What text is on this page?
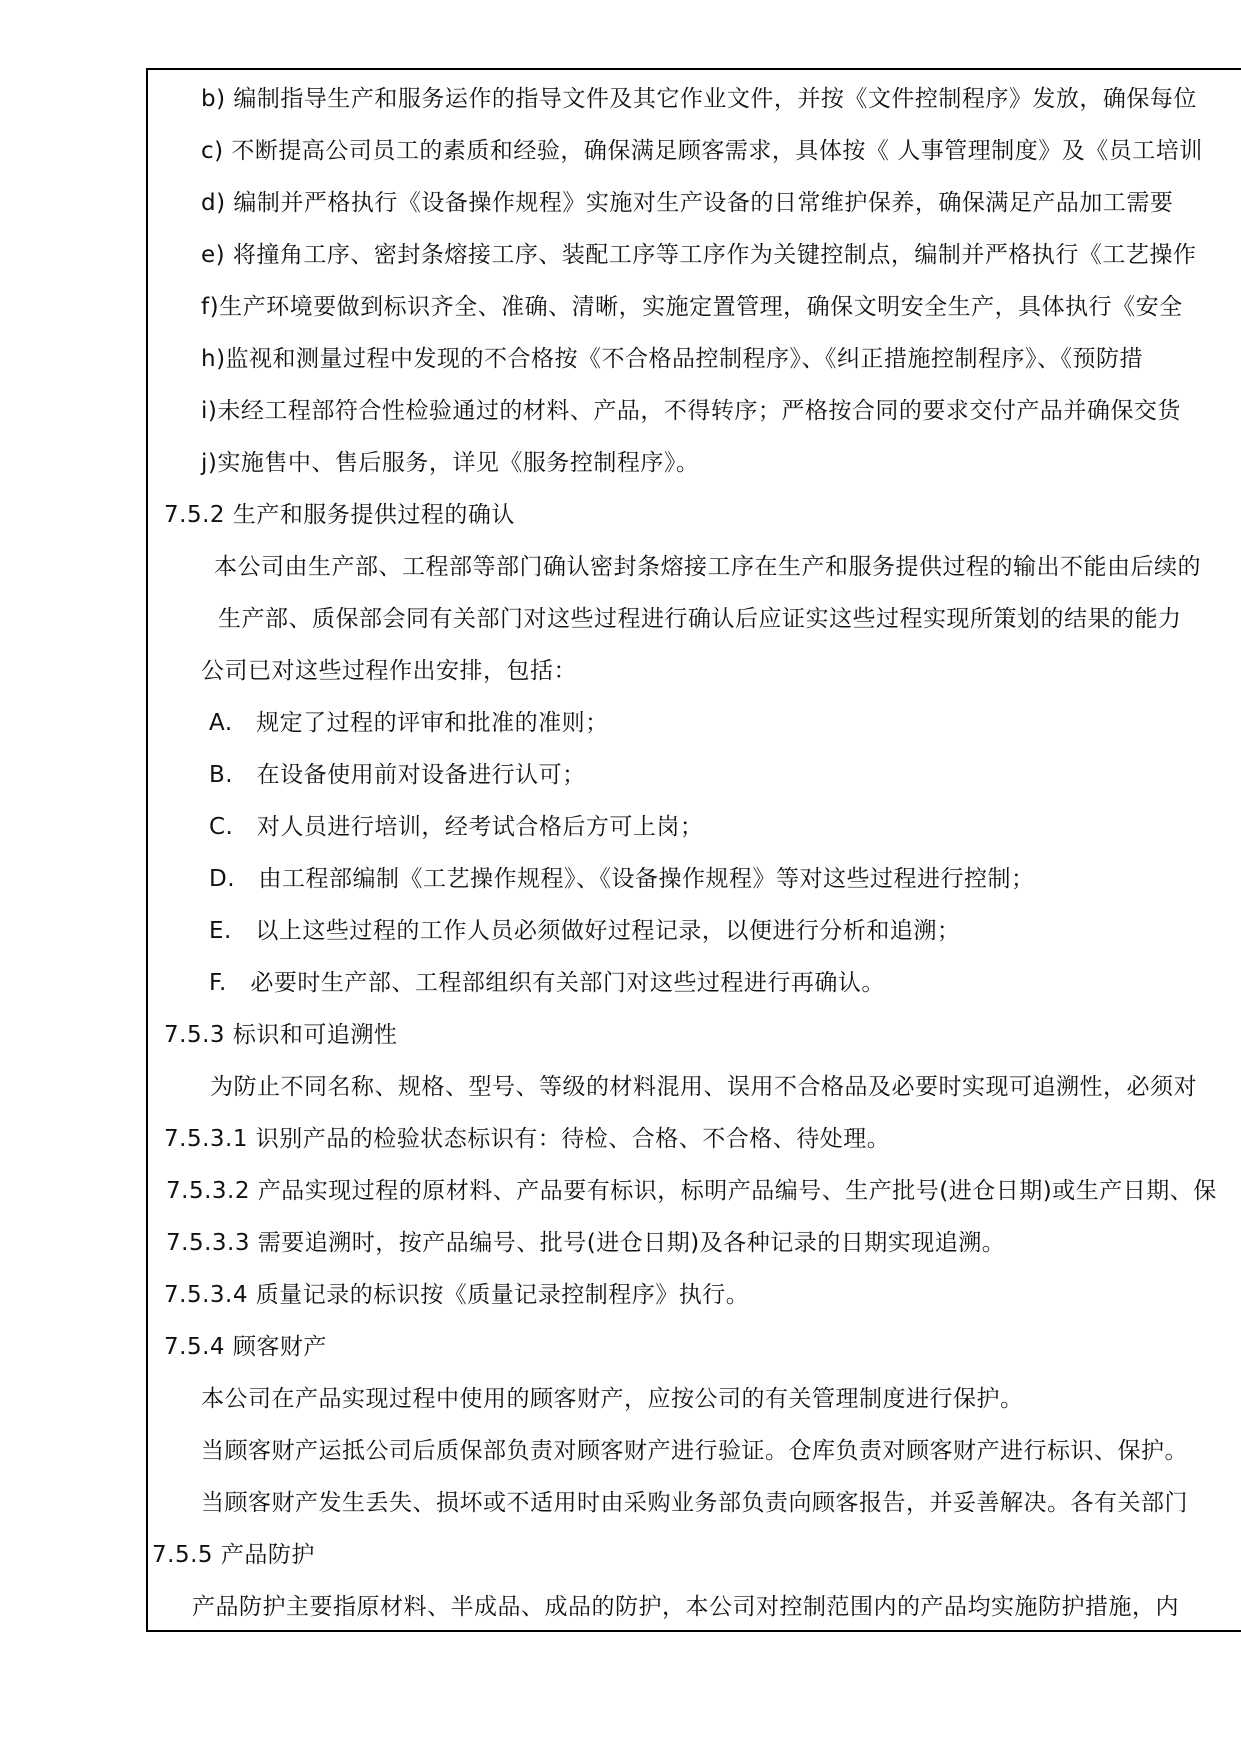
b) 编制指导生产和服务运作的指导文件及其它作业文件，并按《文件控制程序》发放，确保每位
c) 不断提高公司员工的素质和经验，确保满足顾客需求，具体按《 人事管理制度》及《员工培训
d) 编制并严格执行《设备操作规程》实施对生产设备的日常维护保养，确保满足产品加工需要
e) 将撞角工序、密封条熔接工序、装配工序等工序作为关键控制点，编制并严格执行《工艺操作
f)生产环境要做到标识齐全、准确、清晰，实施定置管理，确保文明安全生产，具体执行《安全
h)监视和测量过程中发现的不合格按《不合格品控制程序》、《纠正措施控制程序》、《预防措
i)未经工程部符合性检验通过的材料、产品，不得转序；严格按合同的要求交付产品并确保交货
j)实施售中、售后服务，详见《服务控制程序》。
7.5.2 生产和服务提供过程的确认
本公司由生产部、工程部等部门确认密封条熔接工序在生产和服务提供过程的输出不能由后续的
生产部、质保部会同有关部门对这些过程进行确认后应证实这些过程实现所策划的结果的能力
公司已对这些过程作出安排，包括：
A.　规定了过程的评审和批准的准则；
B.　在设备使用前对设备进行认可；
C.　对人员进行培训，经考试合格后方可上岗；
D.　由工程部编制《工艺操作规程》、《设备操作规程》等对这些过程进行控制；
E.　以上这些过程的工作人员必须做好过程记录，以便进行分析和追溯；
F.　必要时生产部、工程部组织有关部门对这些过程进行再确认。
7.5.3 标识和可追溯性
为防止不同名称、规格、型号、等级的材料混用、误用不合格品及必要时实现可追溯性，必须对
7.5.3.1 识别产品的检验状态标识有：待检、合格、不合格、待处理。
7.5.3.2 产品实现过程的原材料、产品要有标识，标明产品编号、生产批号(进仓日期)或生产日期、保
7.5.3.3 需要追溯时，按产品编号、批号(进仓日期)及各种记录的日期实现追溯。
7.5.3.4 质量记录的标识按《质量记录控制程序》执行。
7.5.4 顾客财产
本公司在产品实现过程中使用的顾客财产，应按公司的有关管理制度进行保护。
当顾客财产运抵公司后质保部负责对顾客财产进行验证。仓库负责对顾客财产进行标识、保护。
当顾客财产发生丢失、损坏或不适用时由采购业务部负责向顾客报告，并妥善解决。各有关部门
7.5.5 产品防护
产品防护主要指原材料、半成品、成品的防护，本公司对控制范围内的产品均实施防护措施，内
